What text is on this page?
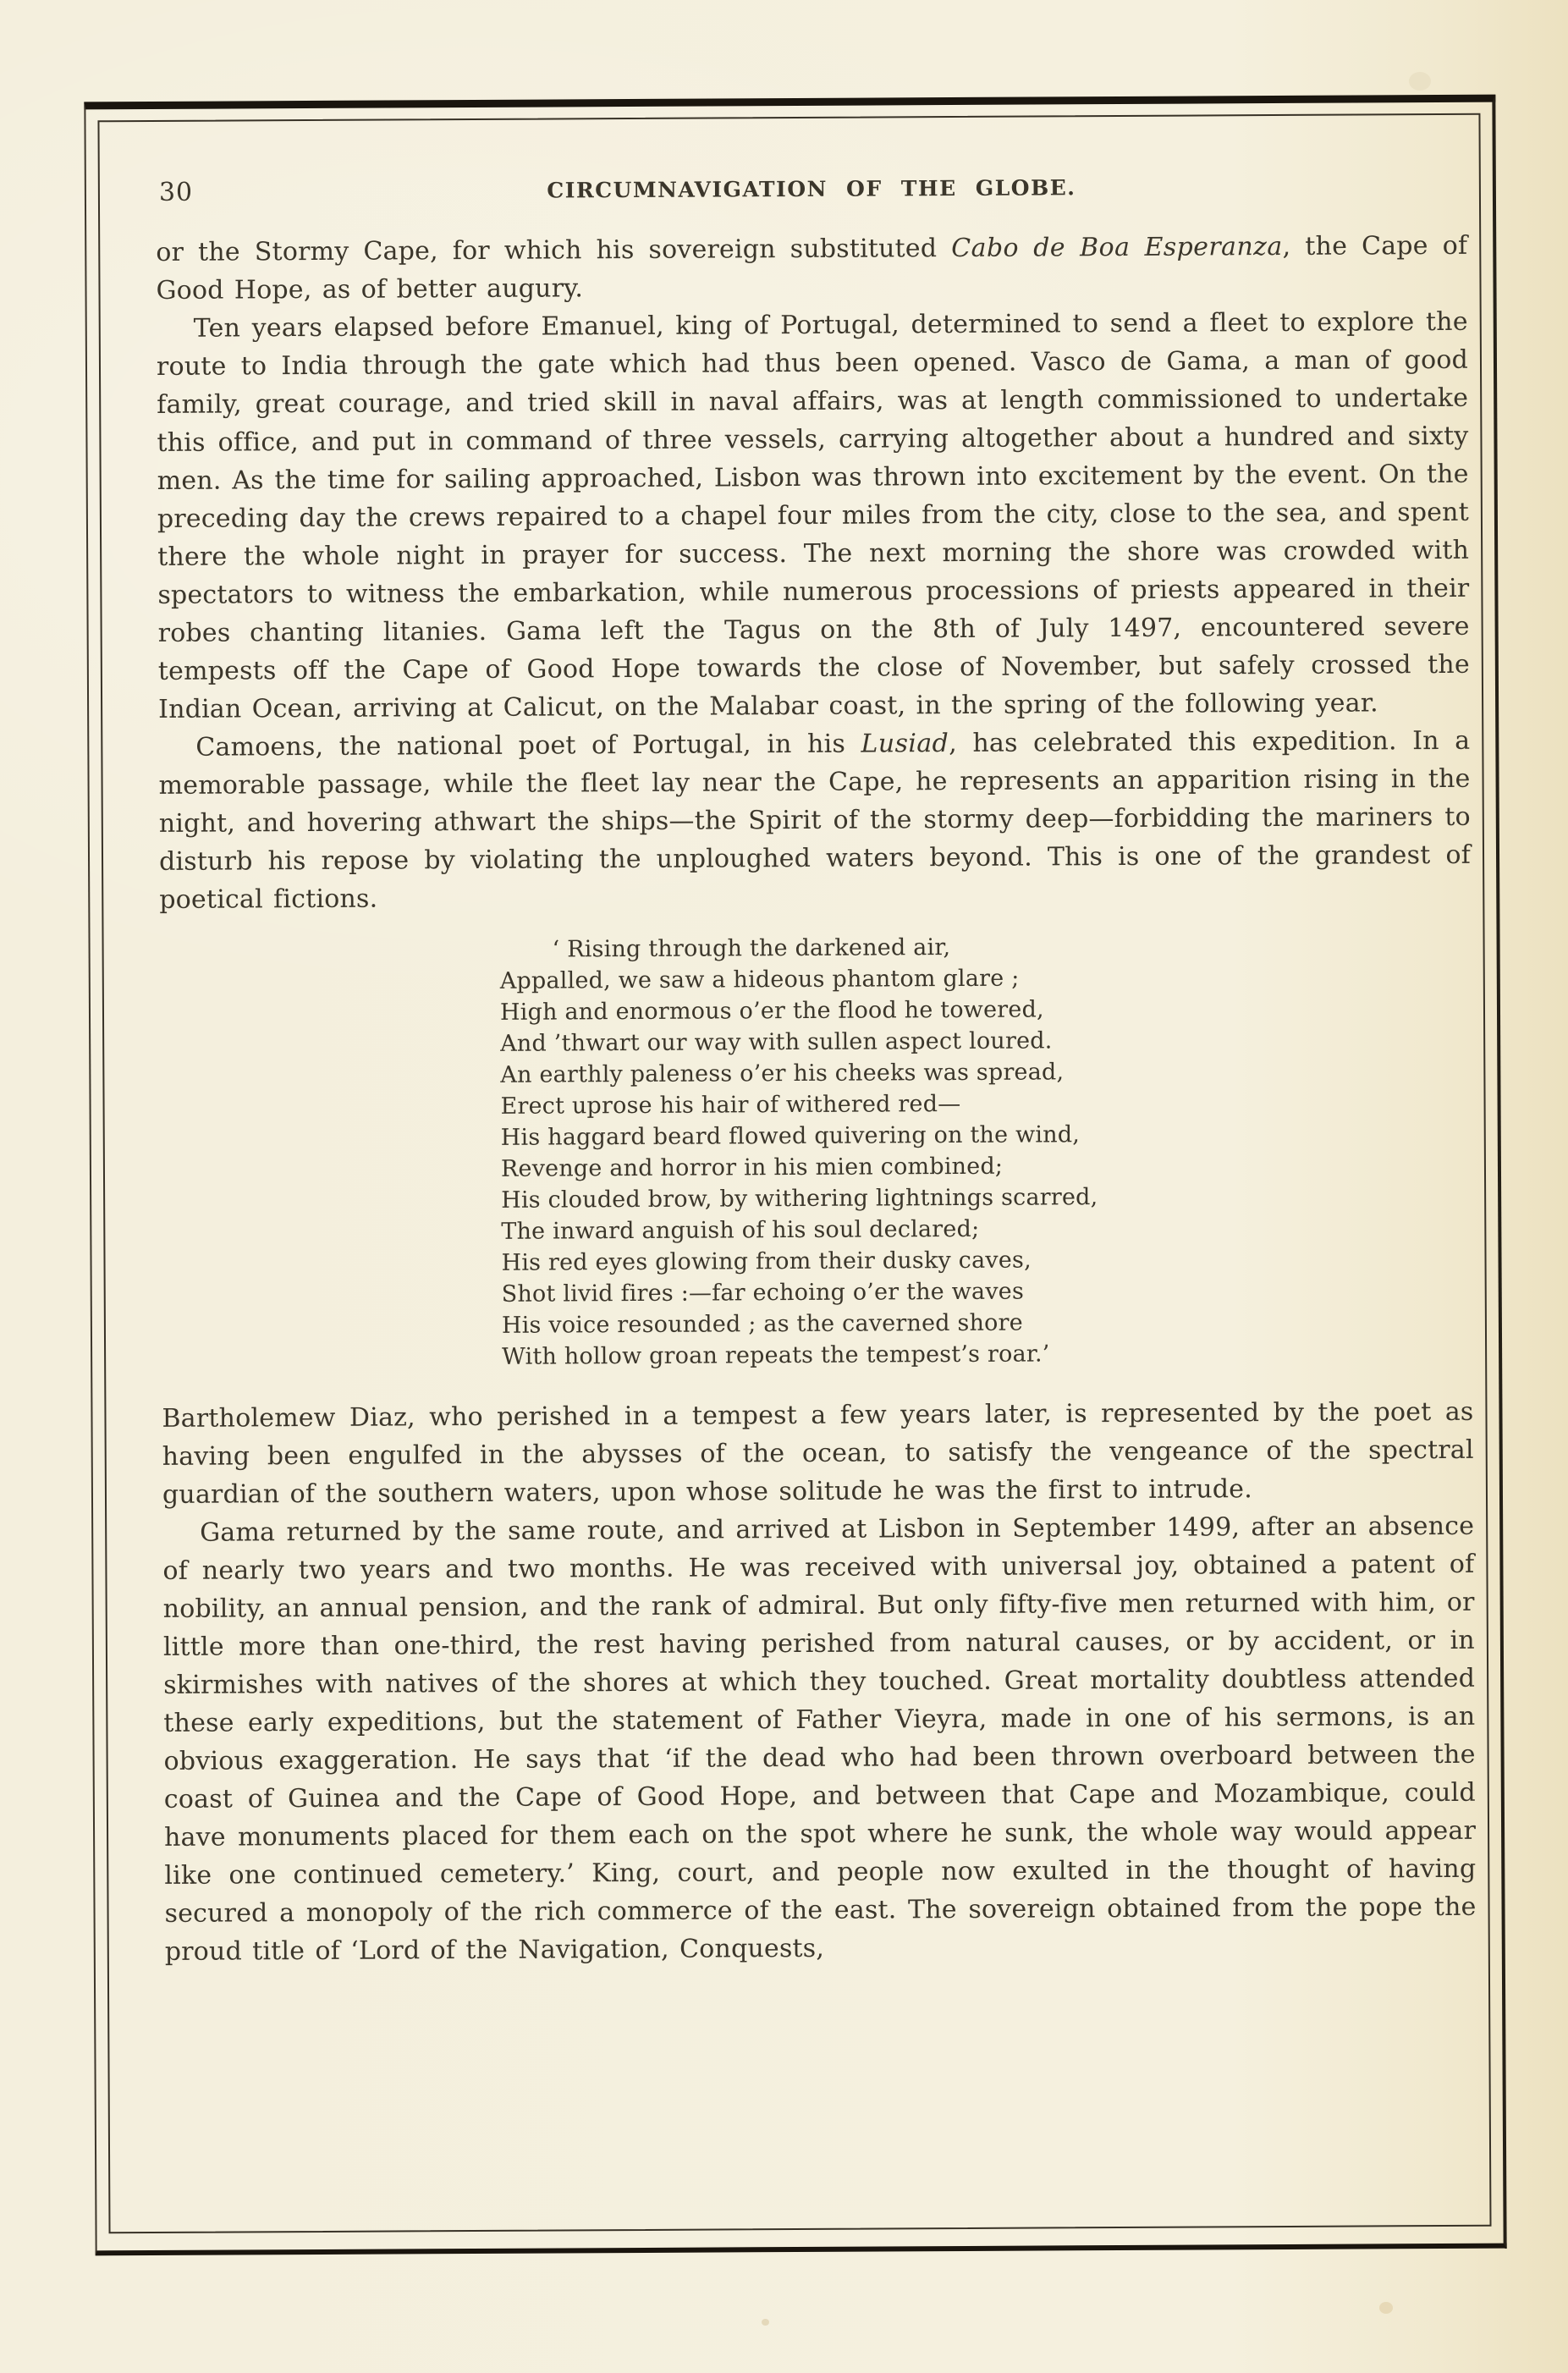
30	CIRCUMNAVIGATION OF THE GLOBE.

or the Stormy Cape, for which his sovereign substituted Cabo de Boa Esperanza, the Cape of Good Hope, as of better augury.

Ten years elapsed before Emanuel, king of Portugal, determined to send a fleet to explore the route to India through the gate which had thus been opened. Vasco de Gama, a man of good family, great courage, and tried skill in naval affairs, was at length commissioned to undertake this office, and put in command of three vessels, carrying altogether about a hundred and sixty men. As the time for sailing approached, Lisbon was thrown into excitement by the event. On the preceding day the crews repaired to a chapel four miles from the city, close to the sea, and spent there the whole night in prayer for success. The next morning the shore was crowded with spectators to witness the embarkation, while numerous processions of priests appeared in their robes chanting litanies. Gama left the Tagus on the 8th of July 1497, encountered severe tempests off the Cape of Good Hope towards the close of November, but safely crossed the Indian Ocean, arriving at Calicut, on the Malabar coast, in the spring of the following year.

Camoens, the national poet of Portugal, in his Lusiad, has celebrated this expedition. In a memorable passage, while the fleet lay near the Cape, he represents an apparition rising in the night, and hovering athwart the ships—the Spirit of the stormy deep—forbidding the mariners to disturb his repose by violating the unploughed waters beyond. This is one of the grandest of poetical fictions.

‘ Rising through the darkened air,
Appalled, we saw a hideous phantom glare ;
High and enormous o’er the flood he towered,
And ’thwart our way with sullen aspect loured.
An earthly paleness o’er his cheeks was spread,
Erect uprose his hair of withered red—
His haggard beard flowed quivering on the wind,
Revenge and horror in his mien combined;
His clouded brow, by withering lightnings scarred,
The inward anguish of his soul declared;
His red eyes glowing from their dusky caves,
Shot livid fires :—far echoing o’er the waves
His voice resounded ; as the caverned shore
With hollow groan repeats the tempest’s roar.’

Bartholemew Diaz, who perished in a tempest a few years later, is represented by the poet as having been engulfed in the abysses of the ocean, to satisfy the vengeance of the spectral guardian of the southern waters, upon whose solitude he was the first to intrude.

Gama returned by the same route, and arrived at Lisbon in September 1499, after an absence of nearly two years and two months. He was received with universal joy, obtained a patent of nobility, an annual pension, and the rank of admiral. But only fifty-five men returned with him, or little more than one-third, the rest having perished from natural causes, or by accident, or in skirmishes with natives of the shores at which they touched. Great mortality doubtless attended these early expeditions, but the statement of Father Vieyra, made in one of his sermons, is an obvious exaggeration. He says that ‘if the dead who had been thrown overboard between the coast of Guinea and the Cape of Good Hope, and between that Cape and Mozambique, could have monuments placed for them each on the spot where he sunk, the whole way would appear like one continued cemetery.’ King, court, and people now exulted in the thought of having secured a monopoly of the rich commerce of the east. The sovereign obtained from the pope the proud title of ‘Lord of the Navigation, Conquests,
